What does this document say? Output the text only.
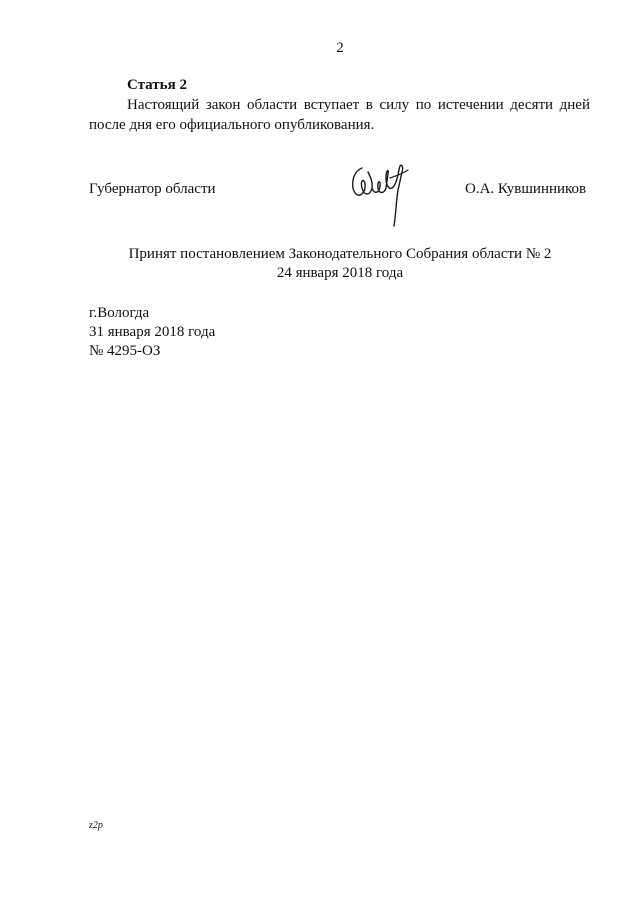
2
Статья 2

Настоящий закон области вступает в силу по истечении десяти дней после дня его официального опубликования.

Губернатор области	О.А. Кувшинников
Принят постановлением Законодательного Собрания области № 2
24 января 2018 года
г.Вологда
31 января 2018 года
№ 4295-ОЗ
z2p
